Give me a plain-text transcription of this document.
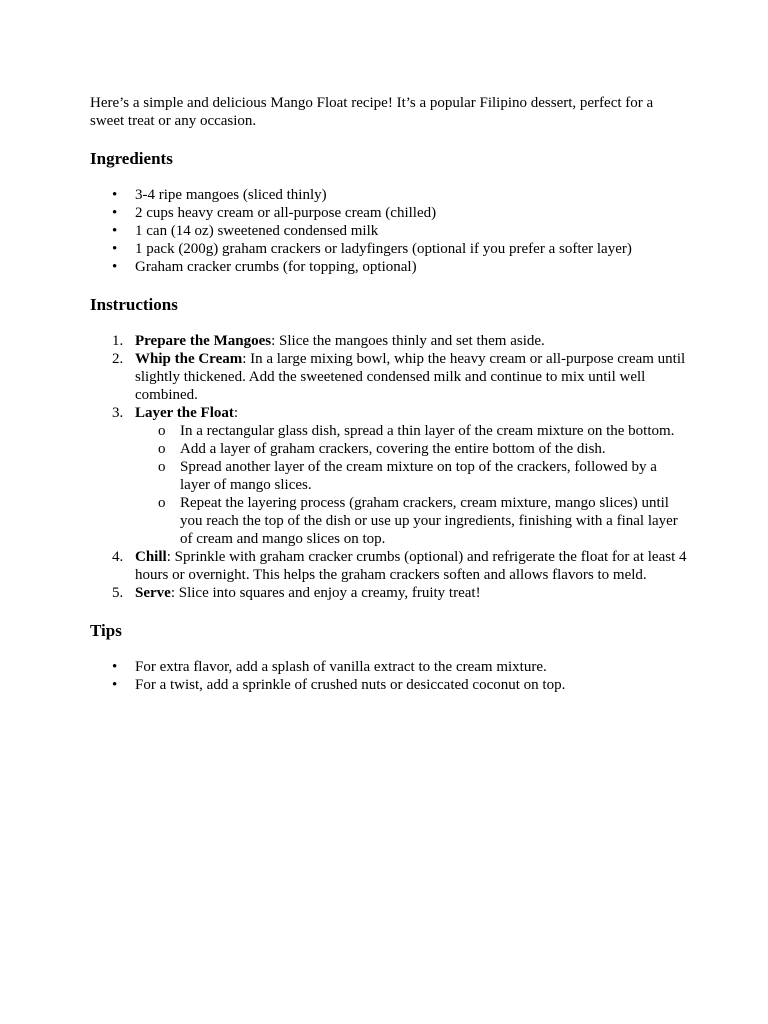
Here’s a simple and delicious Mango Float recipe! It’s a popular Filipino dessert, perfect for a sweet treat or any occasion.

Ingredients
• 3-4 ripe mangoes (sliced thinly)
• 2 cups heavy cream or all-purpose cream (chilled)
• 1 can (14 oz) sweetened condensed milk
• 1 pack (200g) graham crackers or ladyfingers (optional if you prefer a softer layer)
• Graham cracker crumbs (for topping, optional)
Instructions
1. Prepare the Mangoes: Slice the mangoes thinly and set them aside.
2. Whip the Cream: In a large mixing bowl, whip the heavy cream or all-purpose cream until slightly thickened. Add the sweetened condensed milk and continue to mix until well combined.
3. Layer the Float:
o In a rectangular glass dish, spread a thin layer of the cream mixture on the bottom.
o Add a layer of graham crackers, covering the entire bottom of the dish.
o Spread another layer of the cream mixture on top of the crackers, followed by a layer of mango slices.
o Repeat the layering process (graham crackers, cream mixture, mango slices) until you reach the top of the dish or use up your ingredients, finishing with a final layer of cream and mango slices on top.
4. Chill: Sprinkle with graham cracker crumbs (optional) and refrigerate the float for at least 4 hours or overnight. This helps the graham crackers soften and allows flavors to meld.
5. Serve: Slice into squares and enjoy a creamy, fruity treat!
Tips
• For extra flavor, add a splash of vanilla extract to the cream mixture.
• For a twist, add a sprinkle of crushed nuts or desiccated coconut on top.
